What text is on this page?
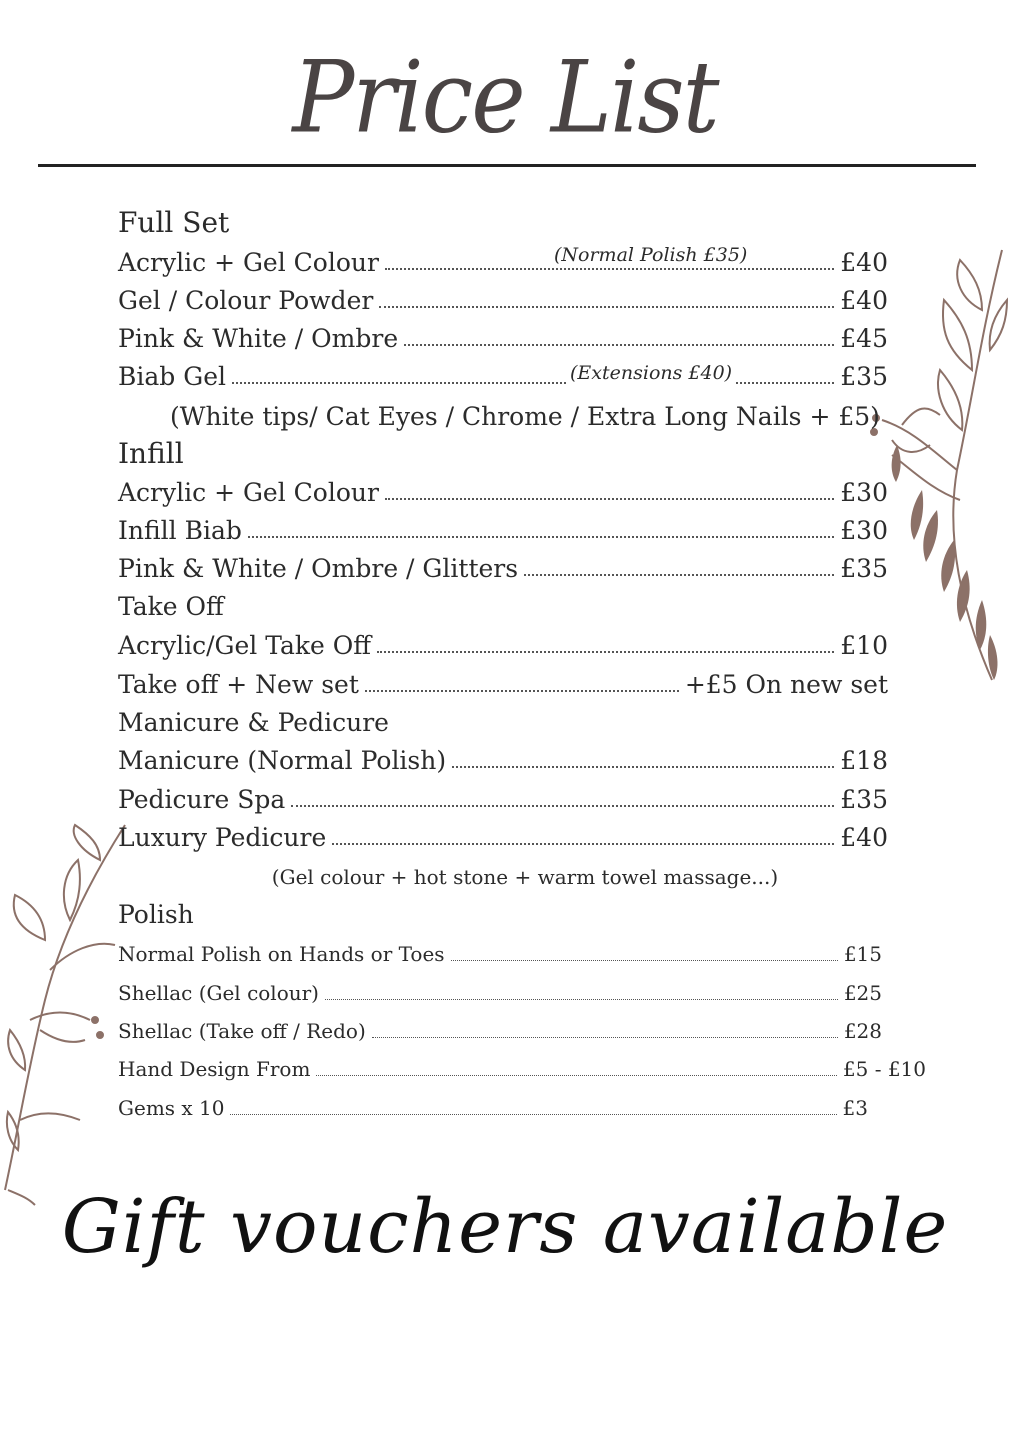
Price List
Full Set
Acrylic + Gel Colour	£40
(Normal Polish £35)
Gel / Colour Powder	£40
Pink & White / Ombre	£45
Biab Gel	£35
(Extensions £40)
(White tips/ Cat Eyes / Chrome / Extra Long Nails + £5)
Infill
Acrylic + Gel Colour	£30
Infill Biab	£30
Pink & White / Ombre / Glitters	£35
Take Off
Acrylic/Gel Take Off	£10
Take off + New set	+£5 On new set
Manicure & Pedicure
Manicure (Normal Polish)	£18
Pedicure Spa	£35
Luxury Pedicure	£40
(Gel colour + hot stone + warm towel massage...)
Polish
Normal Polish on Hands or Toes	£15
Shellac (Gel colour)	£25
Shellac (Take off / Redo)	£28
Hand Design From	£5 - £10
Gems x 10	£3
Gift vouchers available
